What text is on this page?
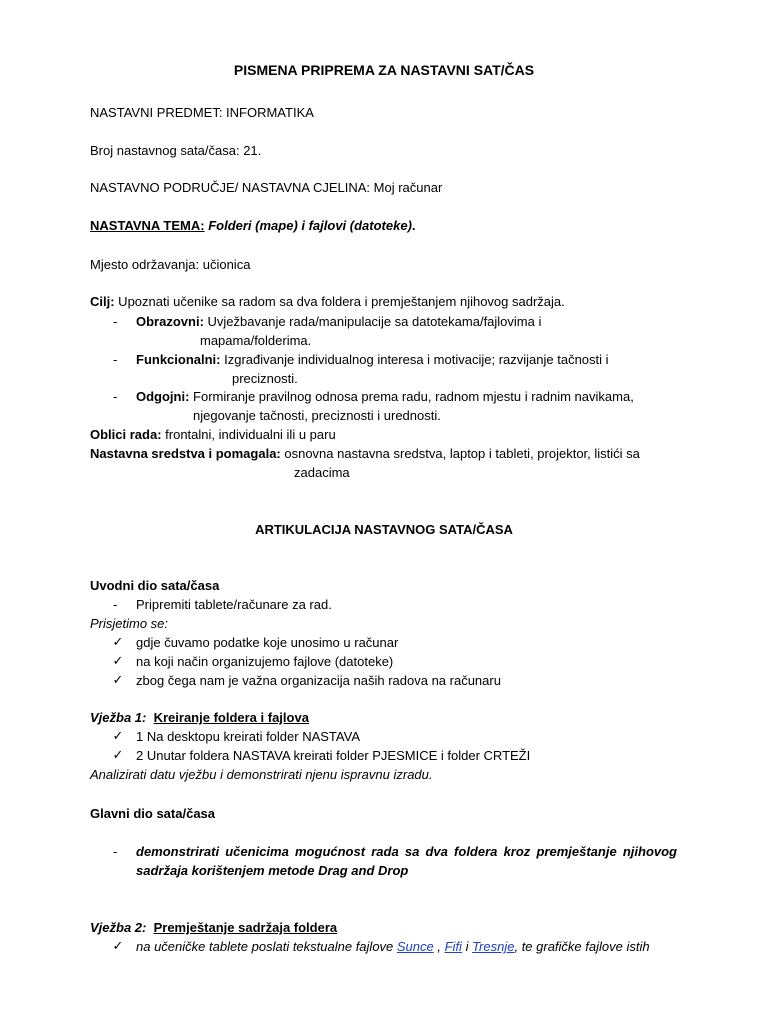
PISMENA PRIPREMA ZA NASTAVNI SAT/ČAS
NASTAVNI PREDMET: INFORMATIKA
Broj nastavnog sata/časa: 21.
NASTAVNO PODRUČJE/ NASTAVNA CJELINA: Moj računar
NASTAVNA TEMA: Folderi (mape) i fajlovi (datoteke).
Mjesto održavanja: učionica
Cilj: Upoznati učenike sa radom sa dva foldera i premještanjem njihovog sadržaja.
- Obrazovni: Uvježbavanje rada/manipulacije sa datotekama/fajlovima i
mapama/folderima.
- Funkcionalni: Izgrađivanje individualnog interesa i motivacije; razvijanje tačnosti i
preciznosti.
- Odgojni: Formiranje pravilnog odnosa prema radu, radnom mjestu i radnim navikama,
njegovanje tačnosti, preciznosti i urednosti.
Oblici rada: frontalni, individualni ili u paru
Nastavna sredstva i pomagala: osnovna nastavna sredstva, laptop i tableti, projektor, listići sa
zadacima
ARTIKULACIJA NASTAVNOG SATA/ČASA
Uvodni dio sata/časa
- Pripremiti tablete/računare za rad.
Prisjetimo se:
✓ gdje čuvamo podatke koje unosimo u računar
✓ na koji način organizujemo fajlove (datoteke)
✓ zbog čega nam je važna organizacija naših radova na računaru
Vježba 1: Kreiranje foldera i fajlova
✓ 1 Na desktopu kreirati folder NASTAVA
✓ 2 Unutar foldera NASTAVA kreirati folder PJESMICE i folder CRTEŽI
Analizirati datu vježbu i demonstrirati njenu ispravnu izradu.
Glavni dio sata/časa
- demonstrirati učenicima mogućnost rada sa dva foldera kroz premještanje njihovog
sadržaja korištenjem metode Drag and Drop
Vježba 2: Premještanje sadržaja foldera
✓ na učeničke tablete poslati tekstualne fajlove Sunce , Fifi i Tresnje, te grafičke fajlove istih
